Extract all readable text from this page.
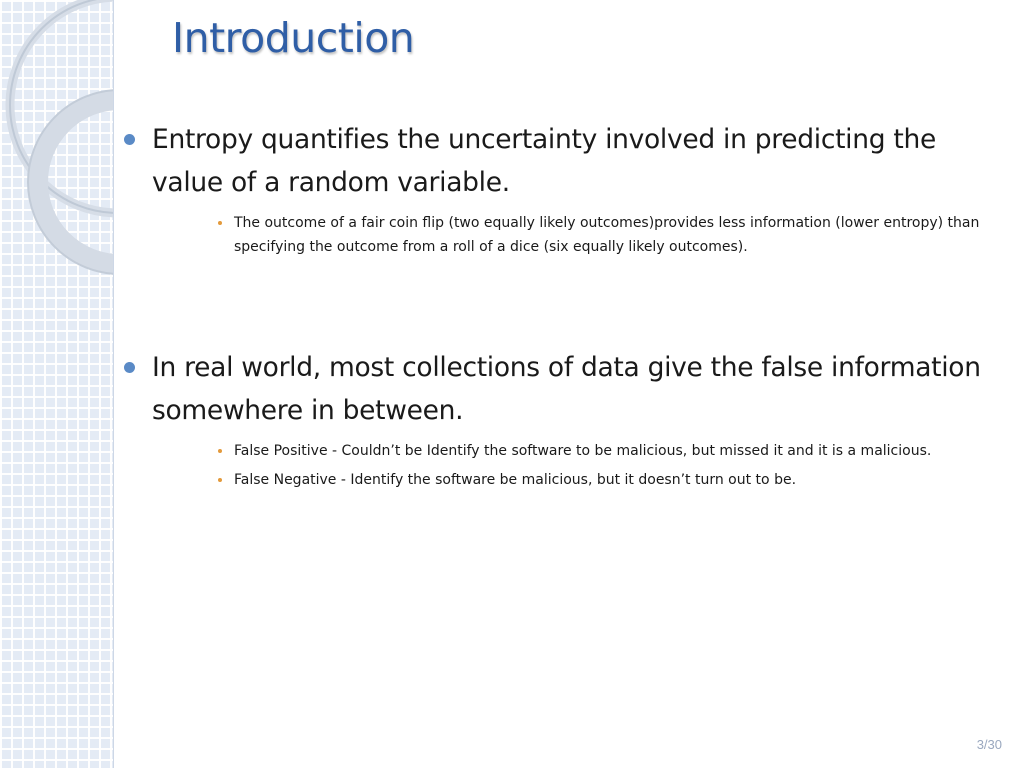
Introduction
Entropy quantifies the uncertainty involved in predicting the value of a random variable.
The outcome of a fair coin flip (two equally likely outcomes)provides less information (lower entropy) than specifying the outcome from a roll of a dice (six equally likely outcomes).
In real world, most collections of data give the false information somewhere in between.
False Positive - Couldn’t be Identify the software to be malicious, but missed it and it is a malicious.
False Negative - Identify the software be malicious, but it doesn’t turn out to be.
3/30
